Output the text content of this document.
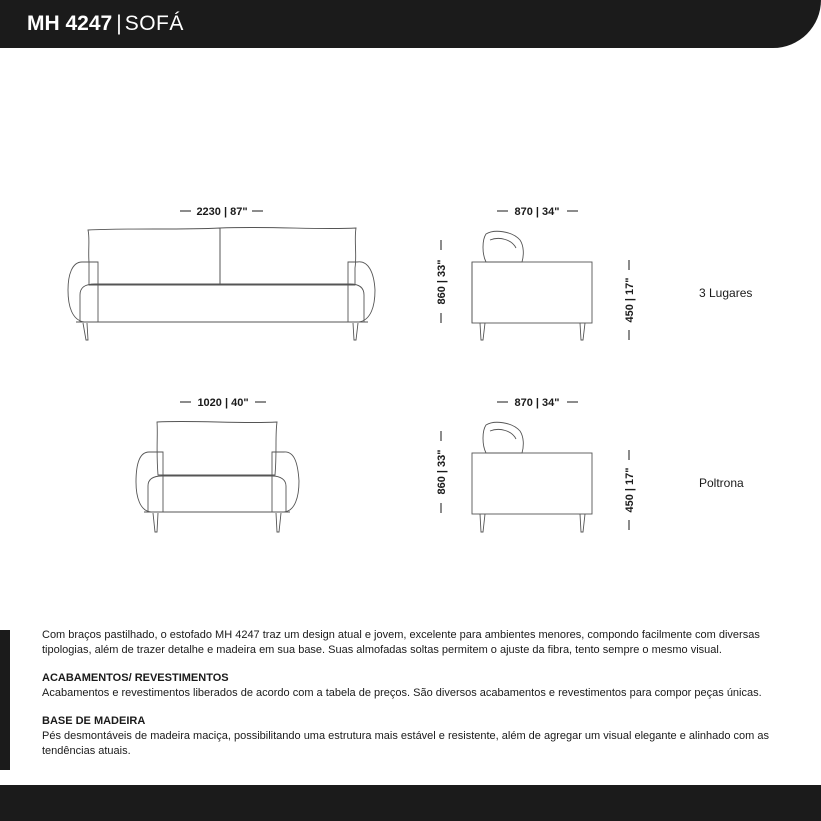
MH 4247 | SOFÁ
2230 | 87"	870 | 34"
860 | 33"	450 | 17"	3 Lugares
1020 | 40"	870 | 34"
860 | 33"	450 | 17"	Poltrona

Com braços pastilhado, o estofado MH 4247 traz um design atual e jovem, excelente para ambientes menores, compondo facilmente com diversas tipologias, além de trazer detalhe e madeira em sua base. Suas almofadas soltas permitem o ajuste da fibra, tento sempre o mesmo visual.

ACABAMENTOS/ REVESTIMENTOS

Acabamentos e revestimentos liberados de acordo com a tabela de preços. São diversos acabamentos e revestimentos para compor peças únicas.

BASE DE MADEIRA

Pés desmontáveis de madeira maciça, possibilitando uma estrutura mais estável e resistente, além de agregar um visual elegante e alinhado com as tendências atuais.
